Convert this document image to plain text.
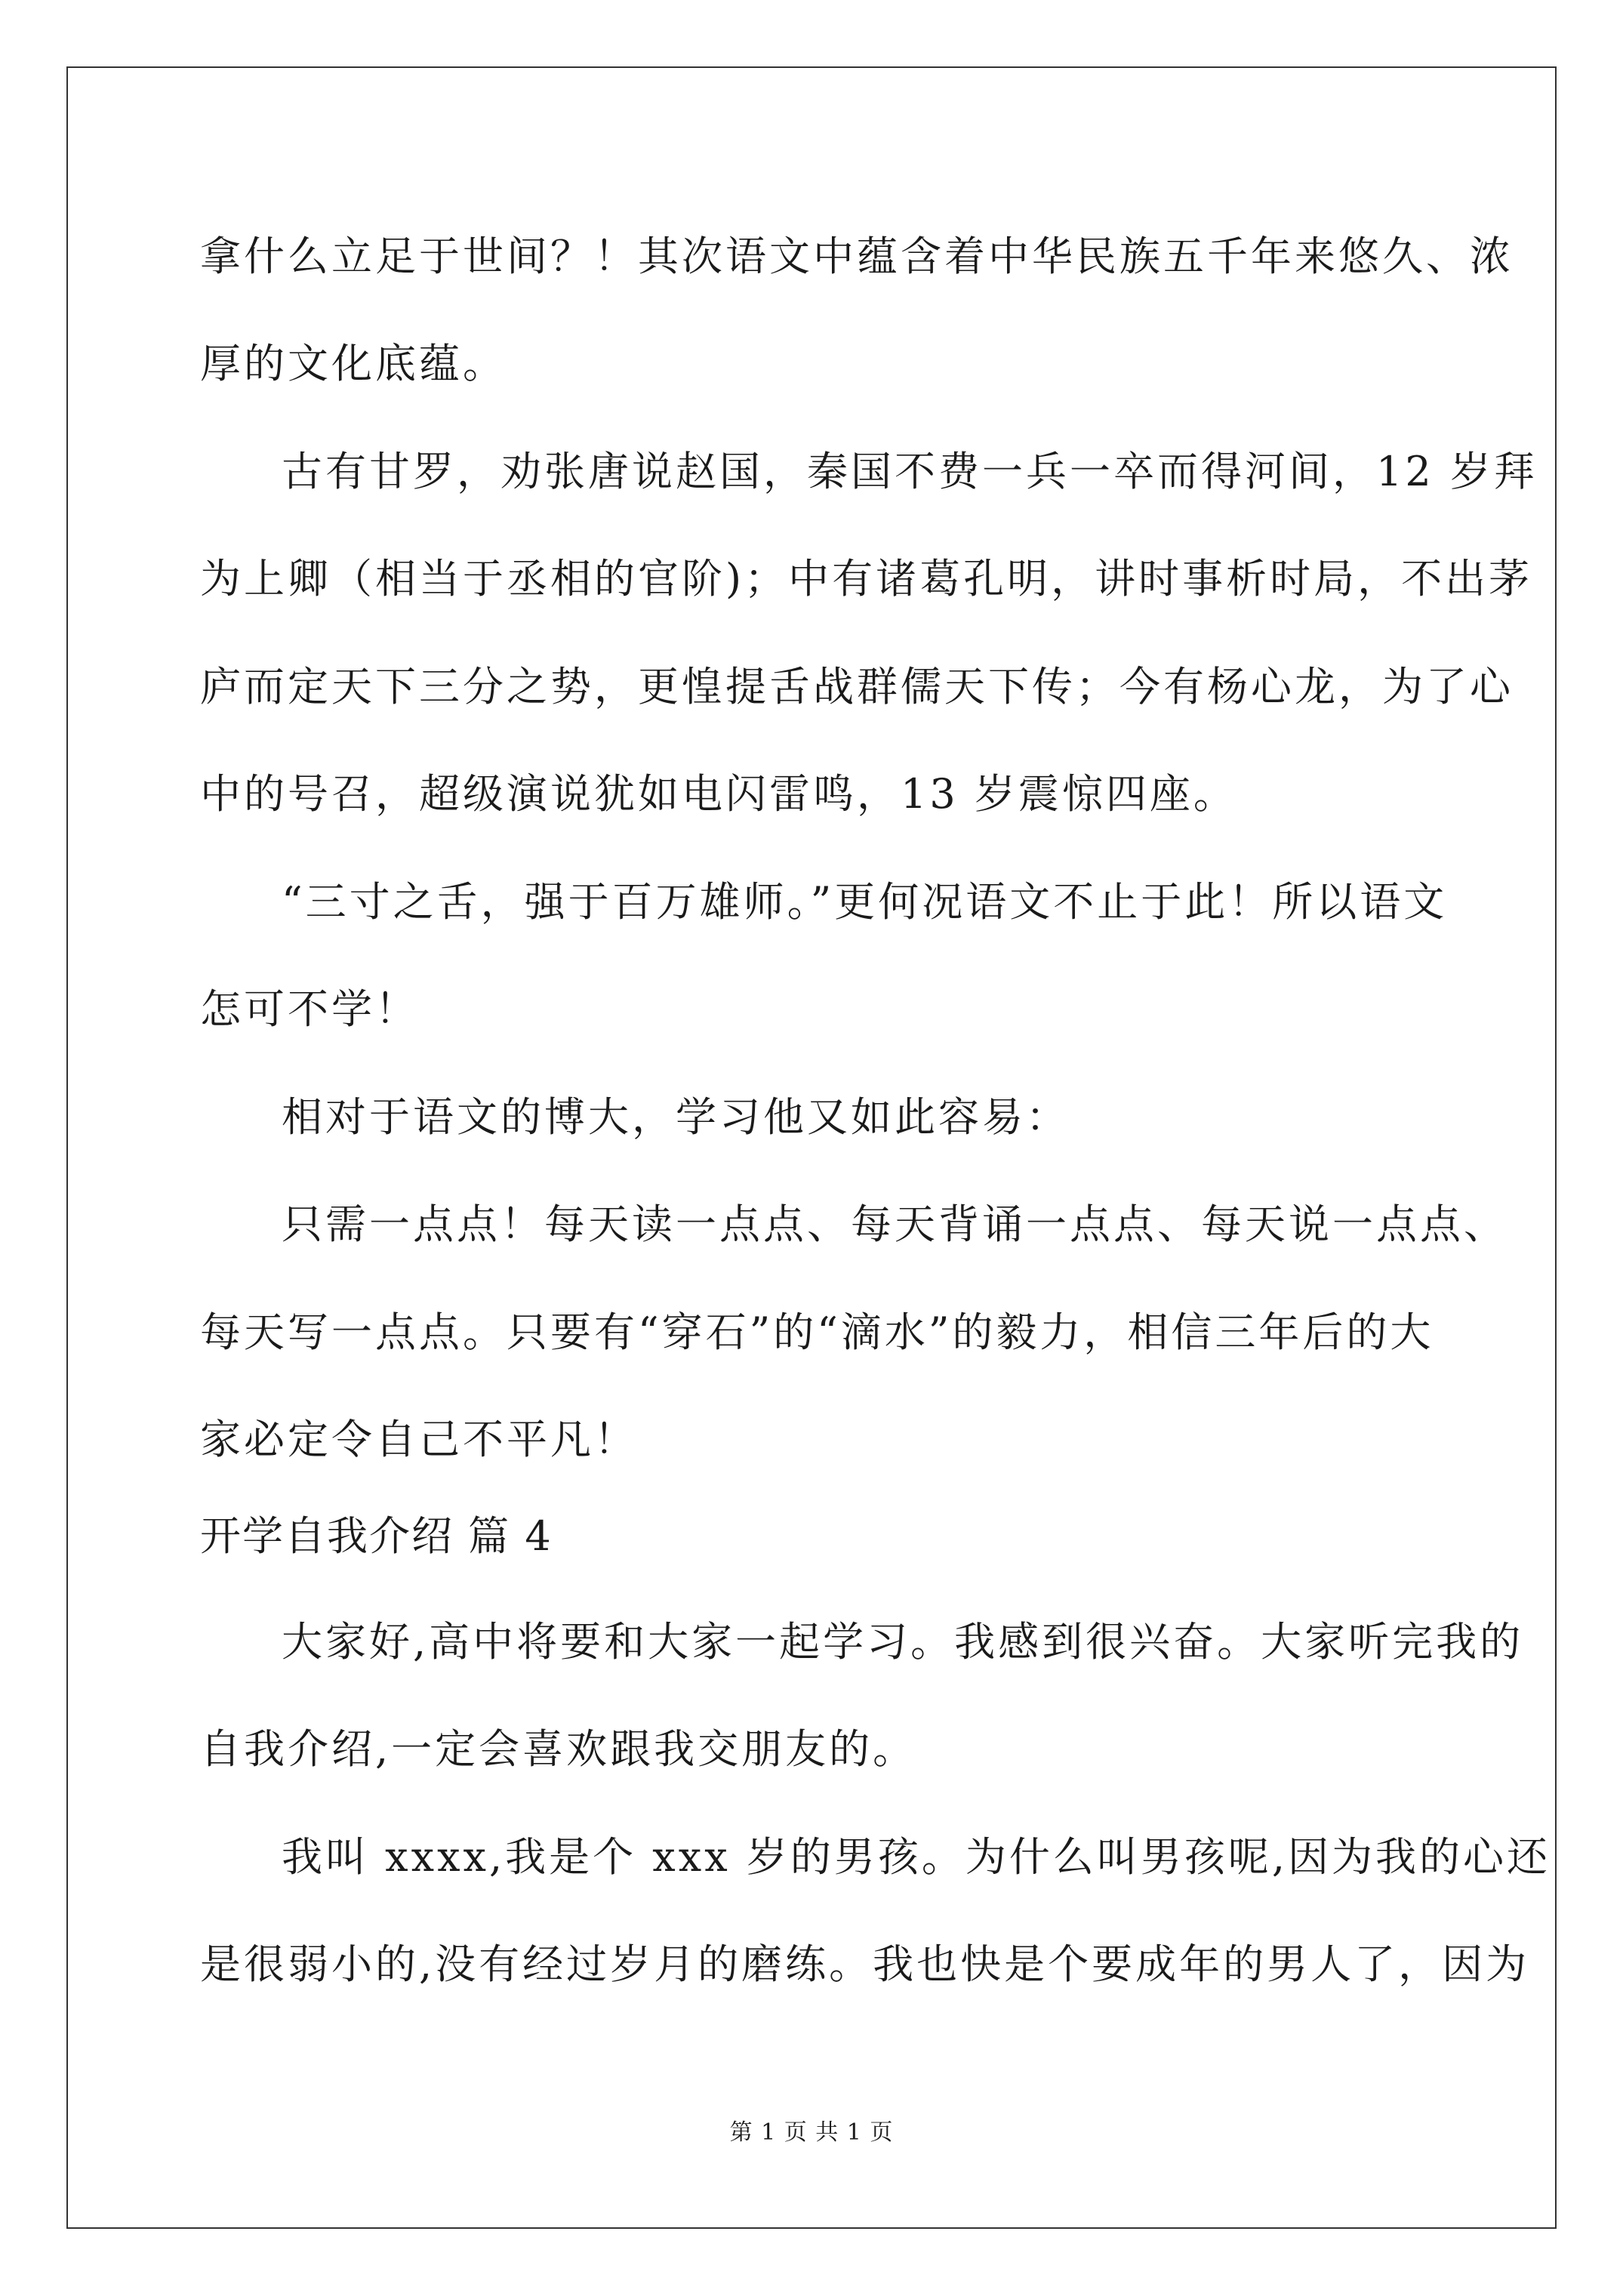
拿什么立足于世间？！其次语文中蕴含着中华民族五千年来悠久、浓
厚的文化底蕴。
古有甘罗，劝张唐说赵国，秦国不费一兵一卒而得河间，12 岁拜
为上卿（相当于丞相的官阶)；中有诸葛孔明，讲时事析时局，不出茅
庐而定天下三分之势，更惶提舌战群儒天下传；今有杨心龙，为了心
中的号召，超级演说犹如电闪雷鸣，13 岁震惊四座。
“三寸之舌，强于百万雄师。”更何况语文不止于此！所以语文
怎可不学！
相对于语文的博大，学习他又如此容易：
只需一点点！每天读一点点、每天背诵一点点、每天说一点点、
每天写一点点。只要有“穿石”的“滴水”的毅力，相信三年后的大
家必定令自己不平凡！
开学自我介绍 篇 4
大家好,高中将要和大家一起学习。我感到很兴奋。大家听完我的
自我介绍,一定会喜欢跟我交朋友的。
我叫 xxxx,我是个 xxx 岁的男孩。为什么叫男孩呢,因为我的心还
是很弱小的,没有经过岁月的磨练。我也快是个要成年的男人了，因为
第 1 页 共 1 页
